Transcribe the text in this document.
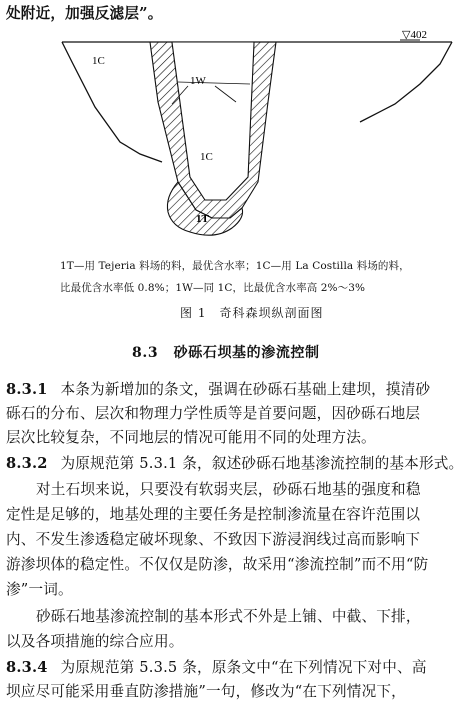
处附近，加强反滤层”。
▽402
1C
1W
1C
1T
1T—用 Tejeria 料场的料，最优含水率；1C—用 La Costilla 料场的料，
比最优含水率低 0.8%；1W—同 1C，比最优含水率高 2%～3%
图 1　奇科森坝纵剖面图
8.3 砂砾石坝基的渗流控制
8.3.1 本条为新增加的条文，强调在砂砾石基础上建坝，摸清砂
砾石的分布、层次和物理力学性质等是首要问题，因砂砾石地层
层次比较复杂，不同地层的情况可能用不同的处理方法。
8.3.2 为原规范第 5.3.1 条，叙述砂砾石地基渗流控制的基本形式。
对土石坝来说，只要没有软弱夹层，砂砾石地基的强度和稳
定性是足够的，地基处理的主要任务是控制渗流量在容许范围以
内、不发生渗透稳定破坏现象、不致因下游浸润线过高而影响下
游渗坝体的稳定性。不仅仅是防渗，故采用“渗流控制”而不用“防
渗”一词。
砂砾石地基渗流控制的基本形式不外是上铺、中截、下排，
以及各项措施的综合应用。
8.3.4 为原规范第 5.3.5 条，原条文中“在下列情况下对中、高
坝应尽可能采用垂直防渗措施”一句，修改为“在下列情况下，
